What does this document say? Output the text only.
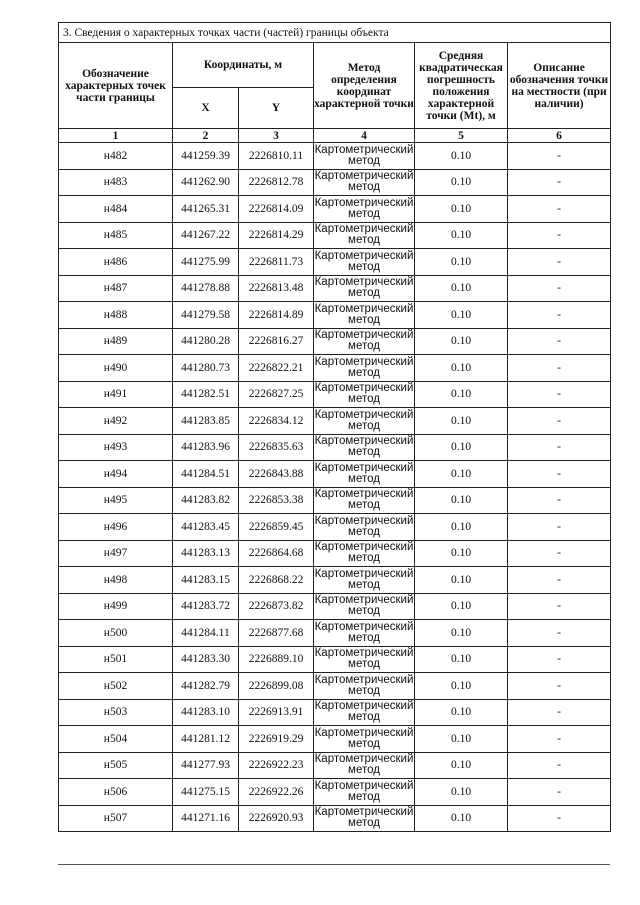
3. Сведения о характерных точках части (частей) границы объекта					
Обозначение характерных точек части границы	Координаты, м		Метод определения координат характерной точки	Средняя квадратическая погрешность положения характерной точки (Mt), м	Описание обозначения точки на местности (при наличии)
	X	Y			
1	2	3	4	5	6
н482	441259.39	2226810.11	Картометрический метод	0.10	-
н483	441262.90	2226812.78	Картометрический метод	0.10	-
н484	441265.31	2226814.09	Картометрический метод	0.10	-
н485	441267.22	2226814.29	Картометрический метод	0.10	-
н486	441275.99	2226811.73	Картометрический метод	0.10	-
н487	441278.88	2226813.48	Картометрический метод	0.10	-
н488	441279.58	2226814.89	Картометрический метод	0.10	-
н489	441280.28	2226816.27	Картометрический метод	0.10	-
н490	441280.73	2226822.21	Картометрический метод	0.10	-
н491	441282.51	2226827.25	Картометрический метод	0.10	-
н492	441283.85	2226834.12	Картометрический метод	0.10	-
н493	441283.96	2226835.63	Картометрический метод	0.10	-
н494	441284.51	2226843.88	Картометрический метод	0.10	-
н495	441283.82	2226853.38	Картометрический метод	0.10	-
н496	441283.45	2226859.45	Картометрический метод	0.10	-
н497	441283.13	2226864.68	Картометрический метод	0.10	-
н498	441283.15	2226868.22	Картометрический метод	0.10	-
н499	441283.72	2226873.82	Картометрический метод	0.10	-
н500	441284.11	2226877.68	Картометрический метод	0.10	-
н501	441283.30	2226889.10	Картометрический метод	0.10	-
н502	441282.79	2226899.08	Картометрический метод	0.10	-
н503	441283.10	2226913.91	Картометрический метод	0.10	-
н504	441281.12	2226919.29	Картометрический метод	0.10	-
н505	441277.93	2226922.23	Картометрический метод	0.10	-
н506	441275.15	2226922.26	Картометрический метод	0.10	-
н507	441271.16	2226920.93	Картометрический метод	0.10	-
